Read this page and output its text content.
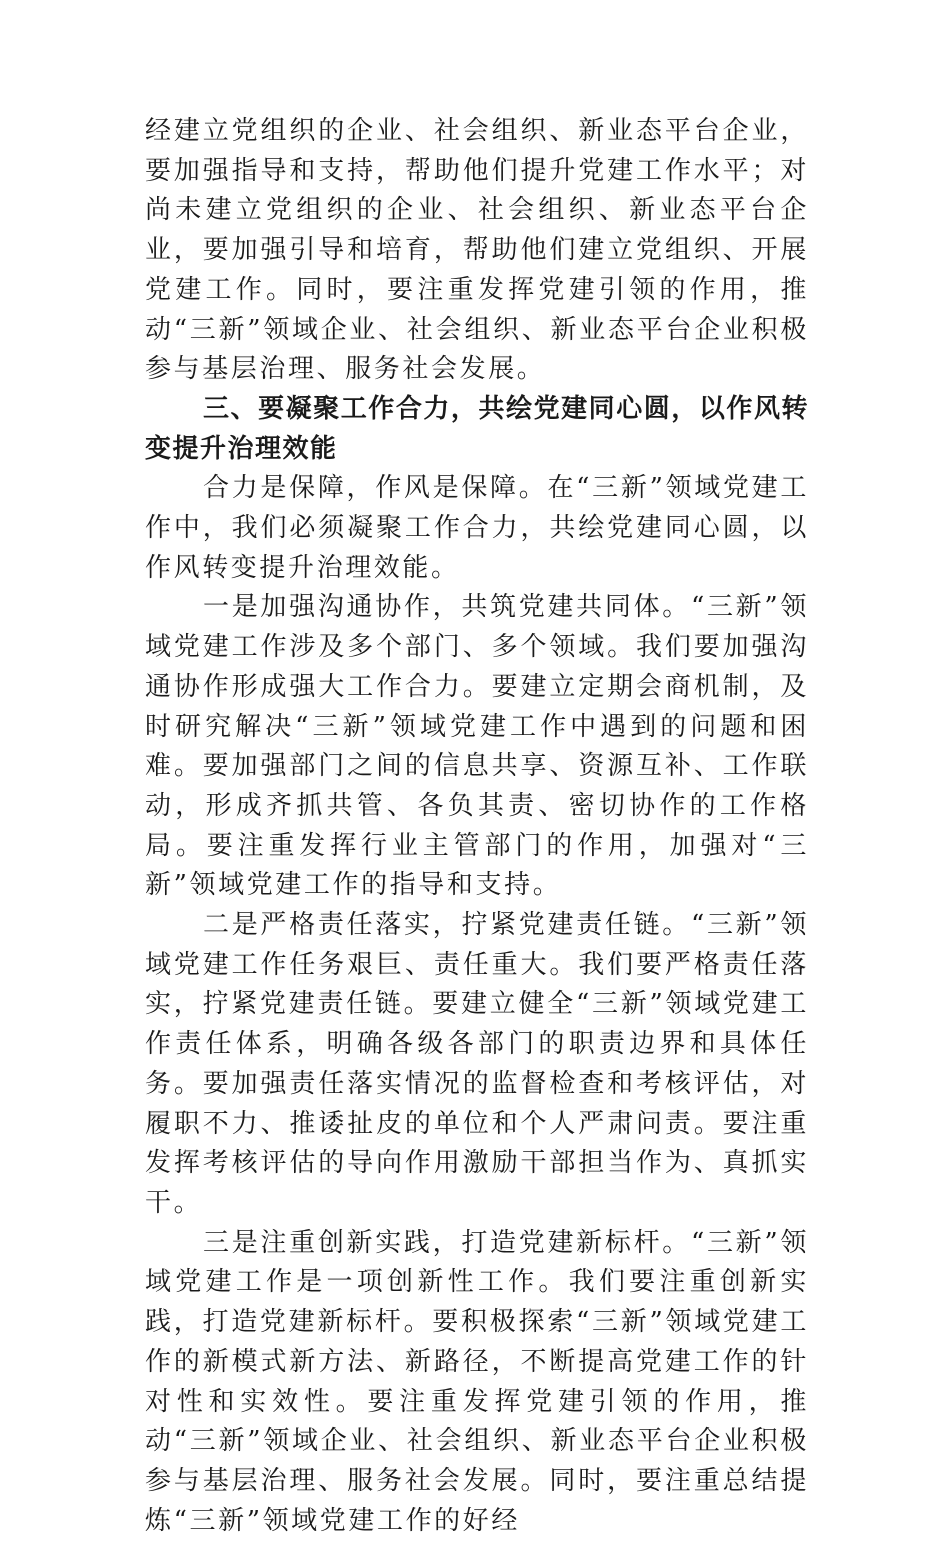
经建立党组织的企业、社会组织、新业态平台企业，要加强指导和支持，帮助他们提升党建工作水平；对尚未建立党组织的企业、社会组织、新业态平台企业，要加强引导和培育，帮助他们建立党组织、开展党建工作。同时，要注重发挥党建引领的作用，推动“三新”领域企业、社会组织、新业态平台企业积极参与基层治理、服务社会发展。

三、要凝聚工作合力，共绘党建同心圆，以作风转变提升治理效能

合力是保障，作风是保障。在“三新”领域党建工作中，我们必须凝聚工作合力，共绘党建同心圆，以作风转变提升治理效能。

一是加强沟通协作，共筑党建共同体。“三新”领域党建工作涉及多个部门、多个领域。我们要加强沟通协作形成强大工作合力。要建立定期会商机制，及时研究解决“三新”领域党建工作中遇到的问题和困难。要加强部门之间的信息共享、资源互补、工作联动，形成齐抓共管、各负其责、密切协作的工作格局。要注重发挥行业主管部门的作用，加强对“三新”领域党建工作的指导和支持。

二是严格责任落实，拧紧党建责任链。“三新”领域党建工作任务艰巨、责任重大。我们要严格责任落实，拧紧党建责任链。要建立健全“三新”领域党建工作责任体系，明确各级各部门的职责边界和具体任务。要加强责任落实情况的监督检查和考核评估，对履职不力、推诿扯皮的单位和个人严肃问责。要注重发挥考核评估的导向作用激励干部担当作为、真抓实干。

三是注重创新实践，打造党建新标杆。“三新”领域党建工作是一项创新性工作。我们要注重创新实践，打造党建新标杆。要积极探索“三新”领域党建工作的新模式新方法、新路径，不断提高党建工作的针对性和实效性。要注重发挥党建引领的作用，推动“三新”领域企业、社会组织、新业态平台企业积极参与基层治理、服务社会发展。同时，要注重总结提炼“三新”领域党建工作的好经
